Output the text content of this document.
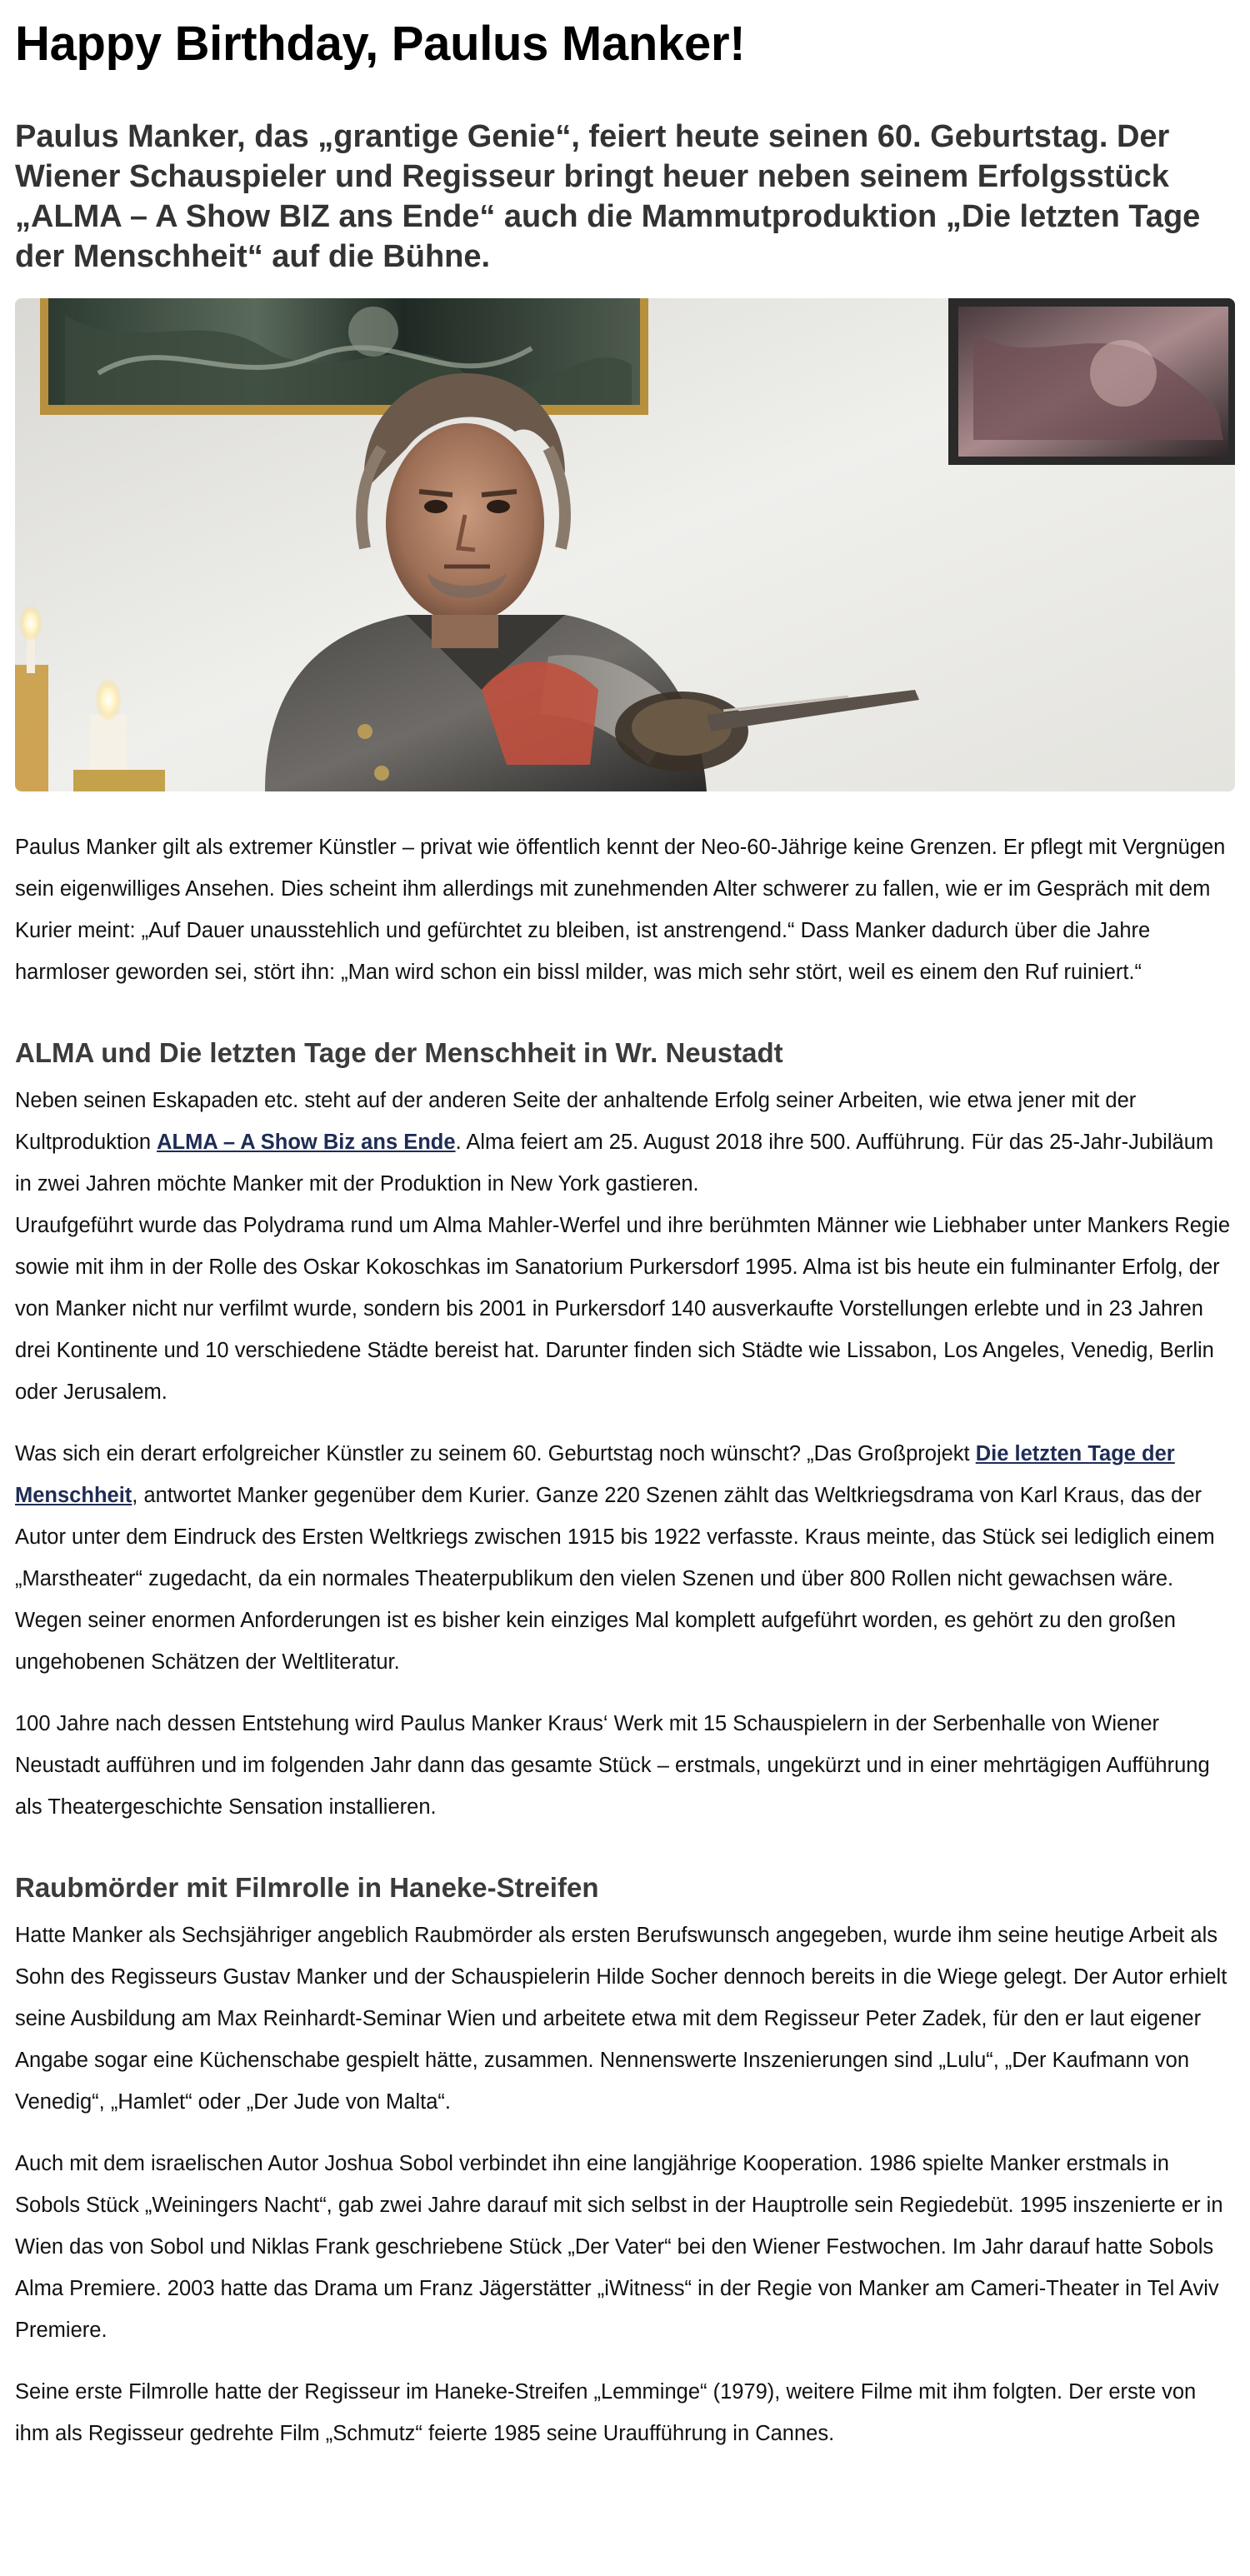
Happy Birthday, Paulus Manker!
Paulus Manker, das „grantige Genie“, feiert heute seinen 60. Geburtstag. Der Wiener Schauspieler und Regisseur bringt heuer neben seinem Erfolgsstück „ALMA – A Show BIZ ans Ende“ auch die Mammutproduktion „Die letzten Tage der Menschheit“ auf die Bühne.

Paulus Manker gilt als extremer Künstler – privat wie öffentlich kennt der Neo-60-Jährige keine Grenzen. Er pflegt mit Vergnügen sein eigenwilliges Ansehen. Dies scheint ihm allerdings mit zunehmenden Alter schwerer zu fallen, wie er im Gespräch mit dem Kurier meint: „Auf Dauer unausstehlich und gefürchtet zu bleiben, ist anstrengend.“ Dass Manker dadurch über die Jahre harmloser geworden sei, stört ihn: „Man wird schon ein bissl milder, was mich sehr stört, weil es einem den Ruf ruiniert.“

ALMA und Die letzten Tage der Menschheit in Wr. Neustadt

Neben seinen Eskapaden etc. steht auf der anderen Seite der anhaltende Erfolg seiner Arbeiten, wie etwa jener mit der Kultproduktion ALMA – A Show Biz ans Ende. Alma feiert am 25. August 2018 ihre 500. Aufführung. Für das 25-Jahr-Jubiläum in zwei Jahren möchte Manker mit der Produktion in New York gastieren.

Uraufgeführt wurde das Polydrama rund um Alma Mahler-Werfel und ihre berühmten Männer wie Liebhaber unter Mankers Regie sowie mit ihm in der Rolle des Oskar Kokoschkas im Sanatorium Purkersdorf 1995. Alma ist bis heute ein fulminanter Erfolg, der von Manker nicht nur verfilmt wurde, sondern bis 2001 in Purkersdorf 140 ausverkaufte Vorstellungen erlebte und in 23 Jahren drei Kontinente und 10 verschiedene Städte bereist hat. Darunter finden sich Städte wie Lissabon, Los Angeles, Venedig, Berlin oder Jerusalem.

Was sich ein derart erfolgreicher Künstler zu seinem 60. Geburtstag noch wünscht? „Das Großprojekt Die letzten Tage der Menschheit, antwortet Manker gegenüber dem Kurier. Ganze 220 Szenen zählt das Weltkriegsdrama von Karl Kraus, das der Autor unter dem Eindruck des Ersten Weltkriegs zwischen 1915 bis 1922 verfasste. Kraus meinte, das Stück sei lediglich einem „Marstheater“ zugedacht, da ein normales Theaterpublikum den vielen Szenen und über 800 Rollen nicht gewachsen wäre. Wegen seiner enormen Anforderungen ist es bisher kein einziges Mal komplett aufgeführt worden, es gehört zu den großen ungehobenen Schätzen der Weltliteratur.

100 Jahre nach dessen Entstehung wird Paulus Manker Kraus‘ Werk mit 15 Schauspielern in der Serbenhalle von Wiener Neustadt aufführen und im folgenden Jahr dann das gesamte Stück – erstmals, ungekürzt und in einer mehrtägigen Aufführung als Theatergeschichte Sensation installieren.

Raubmörder mit Filmrolle in Haneke-Streifen

Hatte Manker als Sechsjähriger angeblich Raubmörder als ersten Berufswunsch angegeben, wurde ihm seine heutige Arbeit als Sohn des Regisseurs Gustav Manker und der Schauspielerin Hilde Socher dennoch bereits in die Wiege gelegt. Der Autor erhielt seine Ausbildung am Max Reinhardt-Seminar Wien und arbeitete etwa mit dem Regisseur Peter Zadek, für den er laut eigener Angabe sogar eine Küchenschabe gespielt hätte, zusammen. Nennenswerte Inszenierungen sind „Lulu“, „Der Kaufmann von Venedig“, „Hamlet“ oder „Der Jude von Malta“.

Auch mit dem israelischen Autor Joshua Sobol verbindet ihn eine langjährige Kooperation. 1986 spielte Manker erstmals in Sobols Stück „Weiningers Nacht“, gab zwei Jahre darauf mit sich selbst in der Hauptrolle sein Regiedebüt. 1995 inszenierte er in Wien das von Sobol und Niklas Frank geschriebene Stück „Der Vater“ bei den Wiener Festwochen. Im Jahr darauf hatte Sobols Alma Premiere. 2003 hatte das Drama um Franz Jägerstätter „iWitness“ in der Regie von Manker am Cameri-Theater in Tel Aviv Premiere.

Seine erste Filmrolle hatte der Regisseur im Haneke-Streifen „Lemminge“ (1979), weitere Filme mit ihm folgten. Der erste von ihm als Regisseur gedrehte Film „Schmutz“ feierte 1985 seine Uraufführung in Cannes.
